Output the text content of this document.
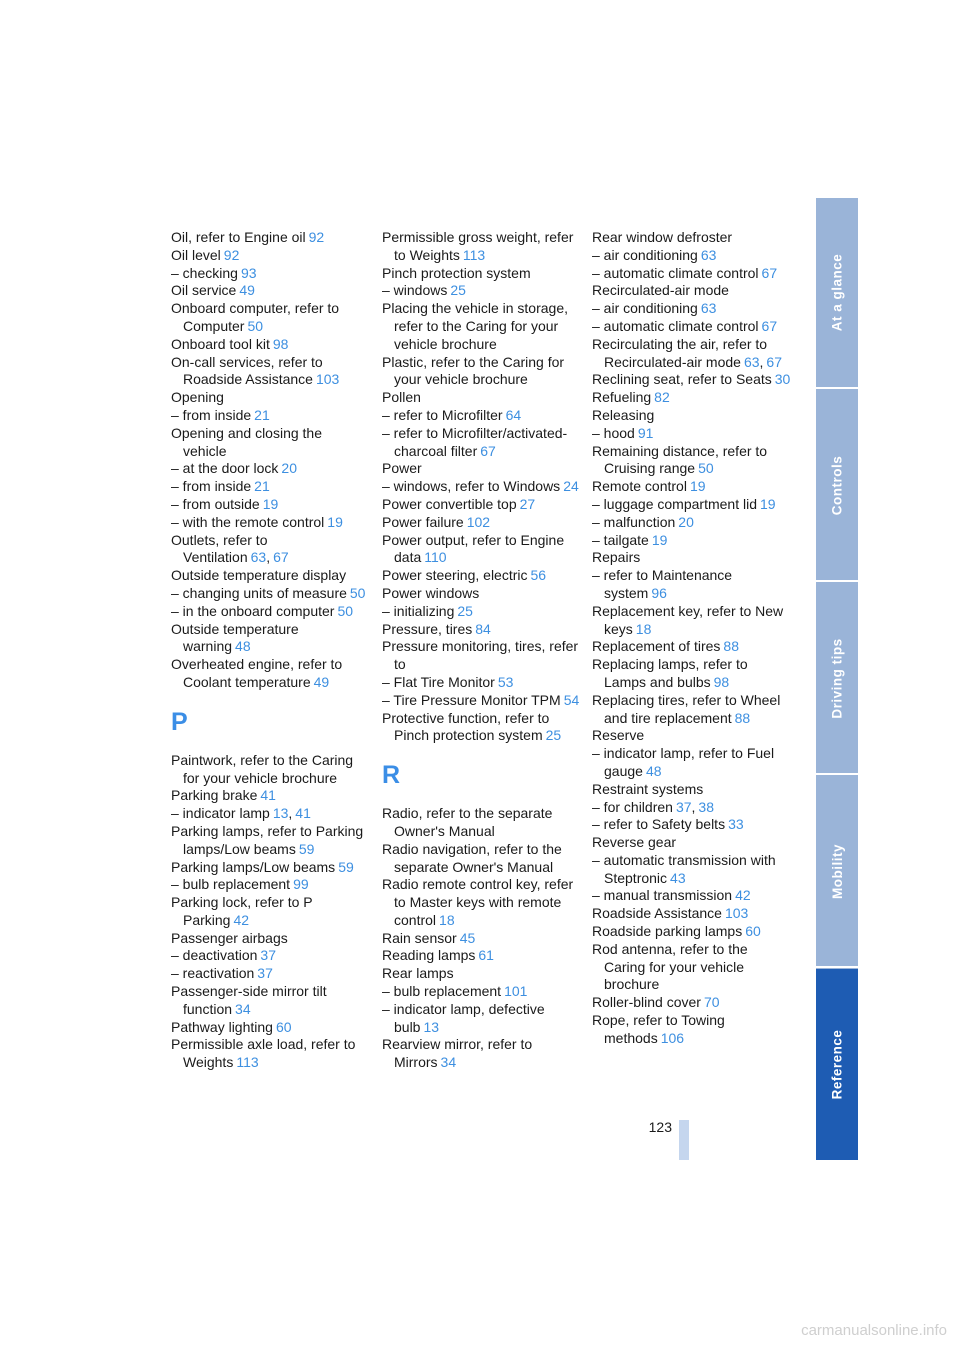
Oil, refer to Engine oil 92
Oil level 92
– checking 93
Oil service 49
Onboard computer, refer to Computer 50
Onboard tool kit 98
On-call services, refer to Roadside Assistance 103
Opening
– from inside 21
Opening and closing the vehicle
– at the door lock 20
– from inside 21
– from outside 19
– with the remote control 19
Outlets, refer to Ventilation 63, 67
Outside temperature display
– changing units of measure 50
– in the onboard computer 50
Outside temperature warning 48
Overheated engine, refer to Coolant temperature 49
P
Paintwork, refer to the Caring for your vehicle brochure
Parking brake 41
– indicator lamp 13, 41
Parking lamps, refer to Parking lamps/Low beams 59
Parking lamps/Low beams 59
– bulb replacement 99
Parking lock, refer to P Parking 42
Passenger airbags
– deactivation 37
– reactivation 37
Passenger-side mirror tilt function 34
Pathway lighting 60
Permissible axle load, refer to Weights 113
Permissible gross weight, refer to Weights 113
Pinch protection system
– windows 25
Placing the vehicle in storage, refer to the Caring for your vehicle brochure
Plastic, refer to the Caring for your vehicle brochure
Pollen
– refer to Microfilter 64
– refer to Microfilter/activated-charcoal filter 67
Power
– windows, refer to Windows 24
Power convertible top 27
Power failure 102
Power output, refer to Engine data 110
Power steering, electric 56
Power windows
– initializing 25
Pressure, tires 84
Pressure monitoring, tires, refer to
– Flat Tire Monitor 53
– Tire Pressure Monitor TPM 54
Protective function, refer to Pinch protection system 25
R
Radio, refer to the separate Owner's Manual
Radio navigation, refer to the separate Owner's Manual
Radio remote control key, refer to Master keys with remote control 18
Rain sensor 45
Reading lamps 61
Rear lamps
– bulb replacement 101
– indicator lamp, defective bulb 13
Rearview mirror, refer to Mirrors 34
Rear window defroster
– air conditioning 63
– automatic climate control 67
Recirculated-air mode
– air conditioning 63
– automatic climate control 67
Recirculating the air, refer to Recirculated-air mode 63, 67
Reclining seat, refer to Seats 30
Refueling 82
Releasing
– hood 91
Remaining distance, refer to Cruising range 50
Remote control 19
– luggage compartment lid 19
– malfunction 20
– tailgate 19
Repairs
– refer to Maintenance system 96
Replacement key, refer to New keys 18
Replacement of tires 88
Replacing lamps, refer to Lamps and bulbs 98
Replacing tires, refer to Wheel and tire replacement 88
Reserve
– indicator lamp, refer to Fuel gauge 48
Restraint systems
– for children 37, 38
– refer to Safety belts 33
Reverse gear
– automatic transmission with Steptronic 43
– manual transmission 42
Roadside Assistance 103
Roadside parking lamps 60
Rod antenna, refer to the Caring for your vehicle brochure
Roller-blind cover 70
Rope, refer to Towing methods 106
At a glance
Controls
Driving tips
Mobility
Reference
123
carmanualsonline.info
